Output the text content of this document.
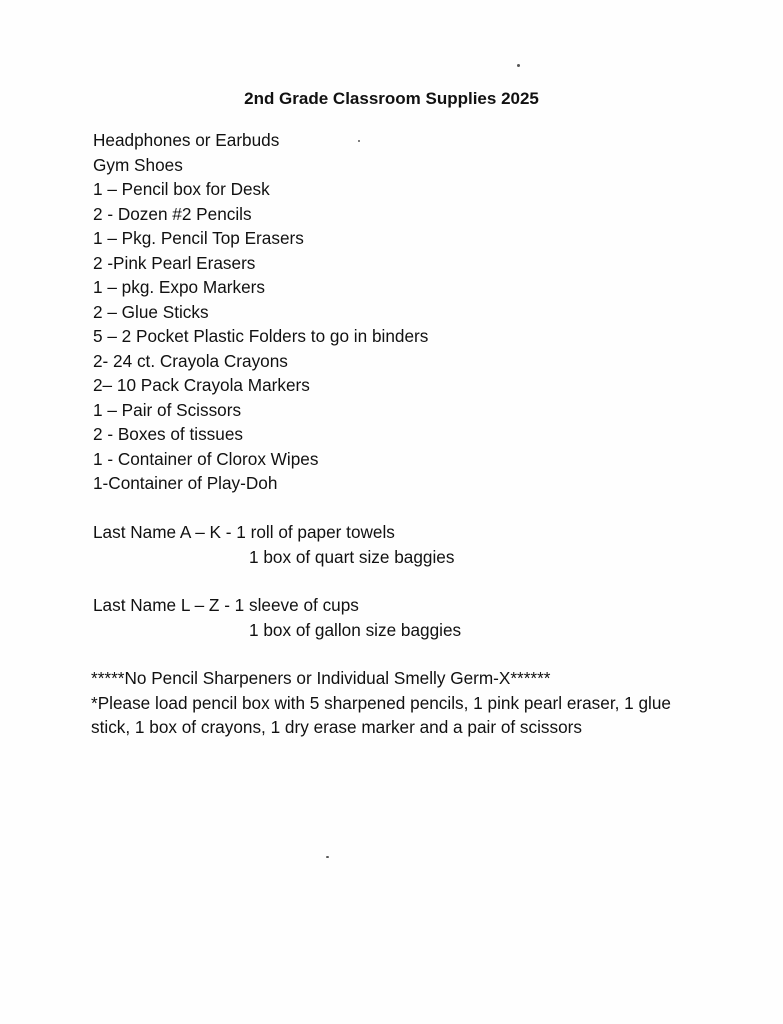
2nd Grade Classroom Supplies 2025
Headphones or Earbuds
Gym Shoes
1 – Pencil box for Desk
2 - Dozen #2 Pencils
1 – Pkg. Pencil Top Erasers
2 -Pink Pearl Erasers
1 – pkg. Expo Markers
2 – Glue Sticks
5 – 2 Pocket Plastic Folders to go in binders
2- 24 ct. Crayola Crayons
2– 10 Pack Crayola Markers
1 – Pair of Scissors
2 - Boxes of tissues
1 - Container of Clorox Wipes
1-Container of Play-Doh
Last Name A – K - 1 roll of paper towels
1 box of quart size baggies
Last Name L – Z - 1 sleeve of cups
1 box of gallon size baggies

*****No Pencil Sharpeners or Individual Smelly Germ-X******

*Please load pencil box with 5 sharpened pencils, 1 pink pearl eraser, 1 glue stick, 1 box of crayons, 1 dry erase marker and a pair of scissors
